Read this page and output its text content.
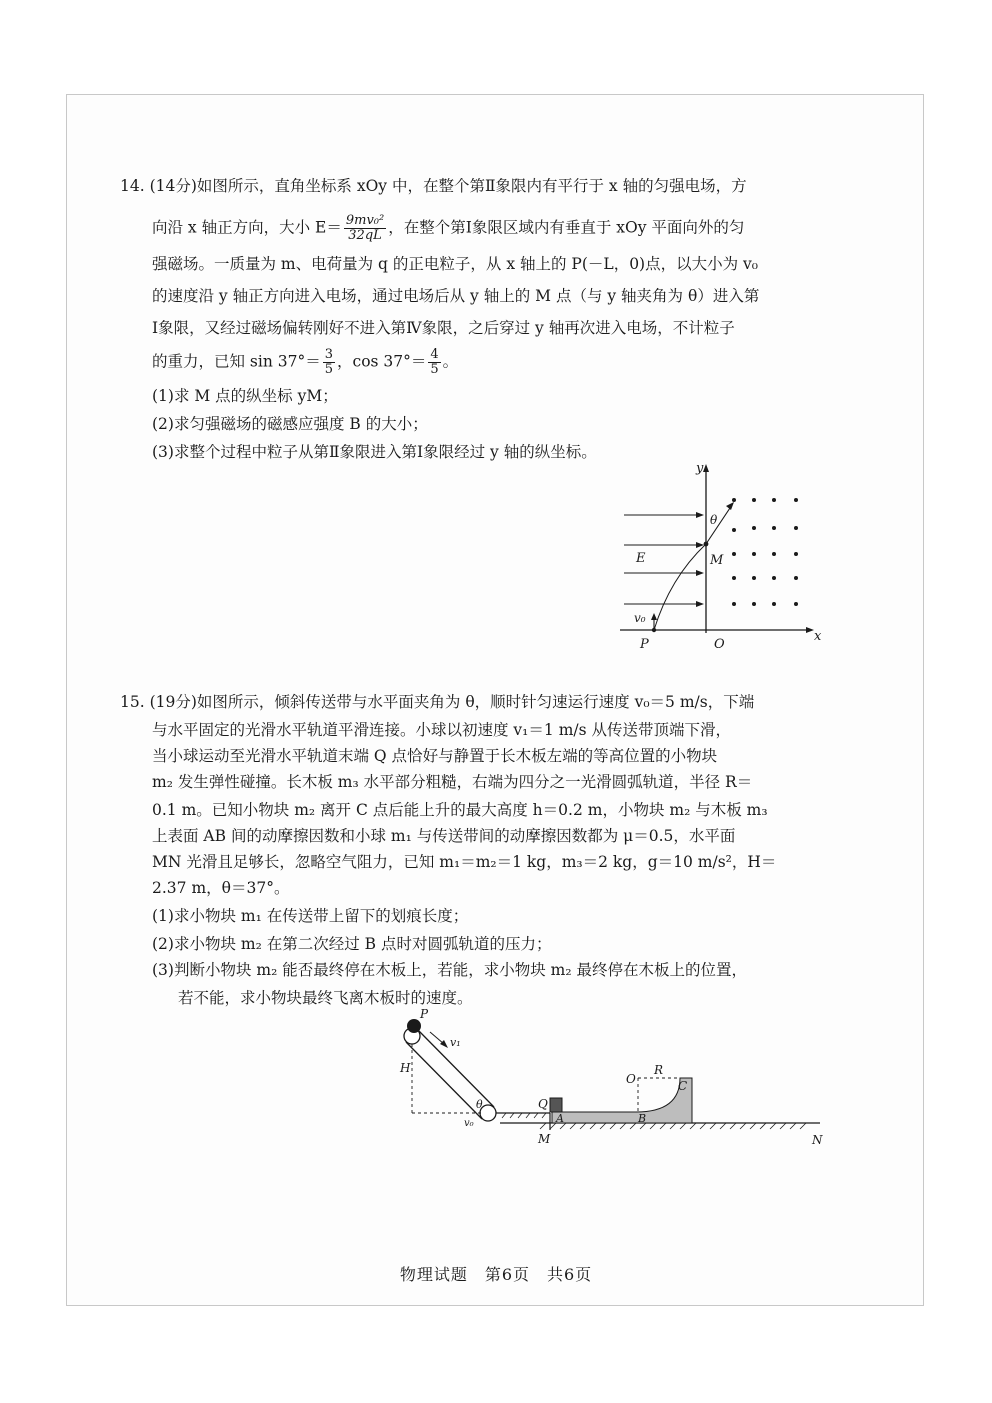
14. (14分)如图所示，直角坐标系 xOy 中，在整个第Ⅱ象限内有平行于 x 轴的匀强电场，方
向沿 x 轴正方向，大小 $E= \frac{\text{9mv₀²}}{32qL}$ ，在整个第Ⅰ象限区域内有垂直于 xOy 平面向外的匀
强磁场。一质量为 m、电荷量为 q 的正电粒子，从 x 轴上的 P(－L，0)点，以大小为 v₀
的速度沿 y 轴正方向进入电场，通过电场后从 y 轴上的 M 点（与 y 轴夹角为 θ）进入第
Ⅰ象限，又经过磁场偏转刚好不进入第Ⅳ象限，之后穿过 y 轴再次进入电场，不计粒子
的重力，已知 $\sin 37^\circ= \frac{3}{5}$ ，$\cos 37^\circ= \frac{4}{5}$ 。
(1)求 M 点的纵坐标 yM；
(2)求匀强磁场的磁感应强度 B 的大小；
(3)求整个过程中粒子从第Ⅱ象限进入第Ⅰ象限经过 y 轴的纵坐标。
y
x
E
θ
M
v₀
P	O
15. (19分)如图所示，倾斜传送带与水平面夹角为 θ，顺时针匀速运行速度 v₀＝5 m/s，下端
与水平固定的光滑水平轨道平滑连接。小球以初速度 v₁＝1 m/s 从传送带顶端下滑，
当小球运动至光滑水平轨道末端 Q 点恰好与静置于长木板左端的等高位置的小物块
m₂ 发生弹性碰撞。长木板 m₃ 水平部分粗糙，右端为四分之一光滑圆弧轨道，半径 R＝
0.1 m。已知小物块 m₂ 离开 C 点后能上升的最大高度 h＝0.2 m，小物块 m₂ 与木板 m₃
上表面 AB 间的动摩擦因数和小球 m₁ 与传送带间的动摩擦因数都为 μ＝0.5，水平面
MN 光滑且足够长，忽略空气阻力，已知 m₁＝m₂＝1 kg，m₃＝2 kg，g＝10 m/s²，H＝
2.37 m，θ＝37°。
(1)求小物块 m₁ 在传送带上留下的划痕长度；
(2)求小物块 m₂ 在第二次经过 B 点时对圆弧轨道的压力；
(3)判断小物块 m₂ 能否最终停在木板上，若能，求小物块 m₂ 最终停在木板上的位置，
若不能，求小物块最终飞离木板时的速度。
P
v₁
H
θ
v₀
Q
M
A	B
O
R
C
N
物理试题　第6页　共6页
